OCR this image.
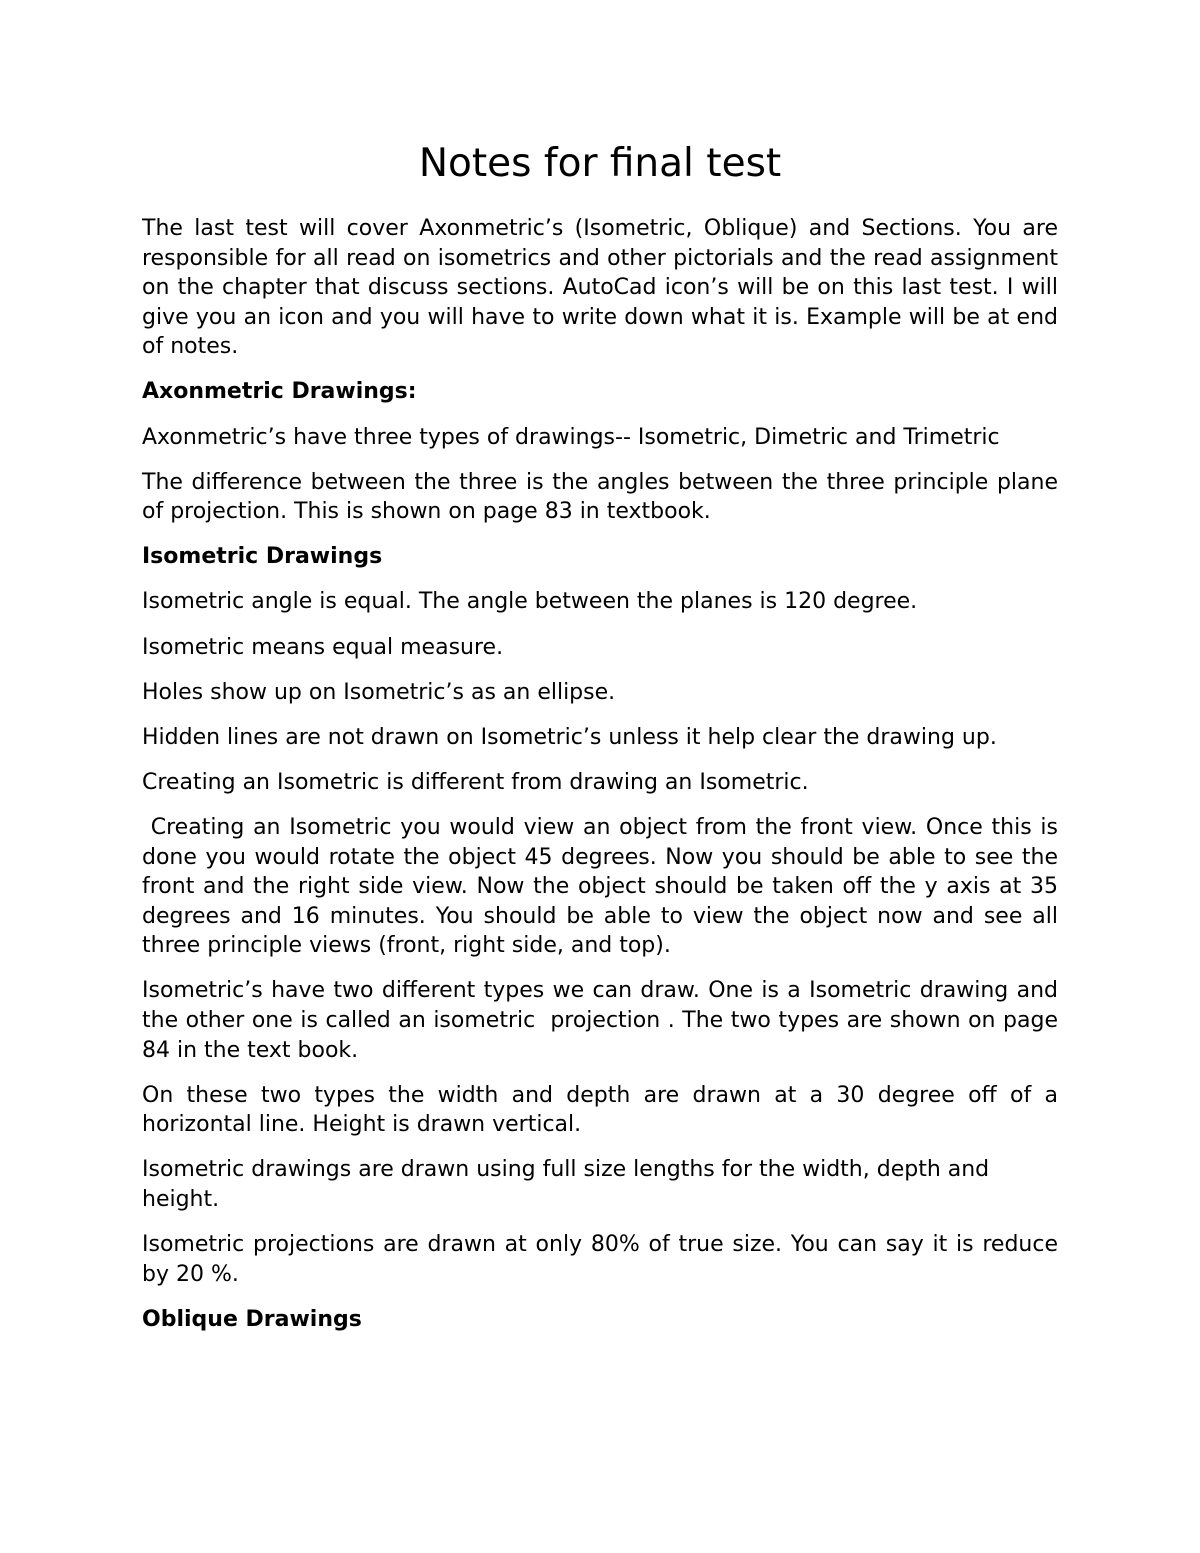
Notes for final test

The last test will cover Axonmetric’s (Isometric, Oblique) and Sections. You are responsible for all read on isometrics and other pictorials and the read assignment on the chapter that discuss sections. AutoCad icon’s will be on this last test. I will give you an icon and you will have to write down what it is. Example will be at end of notes.

Axonmetric Drawings:

Axonmetric’s have three types of drawings-- Isometric, Dimetric and Trimetric

The difference between the three is the angles between the three principle plane of projection. This is shown on page 83 in textbook.

Isometric Drawings

Isometric angle is equal. The angle between the planes is 120 degree.

Isometric means equal measure.

Holes show up on Isometric’s as an ellipse.

Hidden lines are not drawn on Isometric’s unless it help clear the drawing up.

Creating an Isometric is different from drawing an Isometric.

Creating an Isometric you would view an object from the front view. Once this is done you would rotate the object 45 degrees. Now you should be able to see the front and the right side view. Now the object should be taken off the y axis at 35 degrees and 16 minutes. You should be able to view the object now and see all three principle views (front, right side, and top).

Isometric’s have two different types we can draw. One is a Isometric drawing and the other one is called an isometric  projection . The two types are shown on page 84 in the text book.

On these two types the width and depth are drawn at a 30 degree off of a horizontal line. Height is drawn vertical.

Isometric drawings are drawn using full size lengths for the width, depth and height.

Isometric projections are drawn at only 80% of true size. You can say it is reduce by 20 %.

Oblique Drawings
